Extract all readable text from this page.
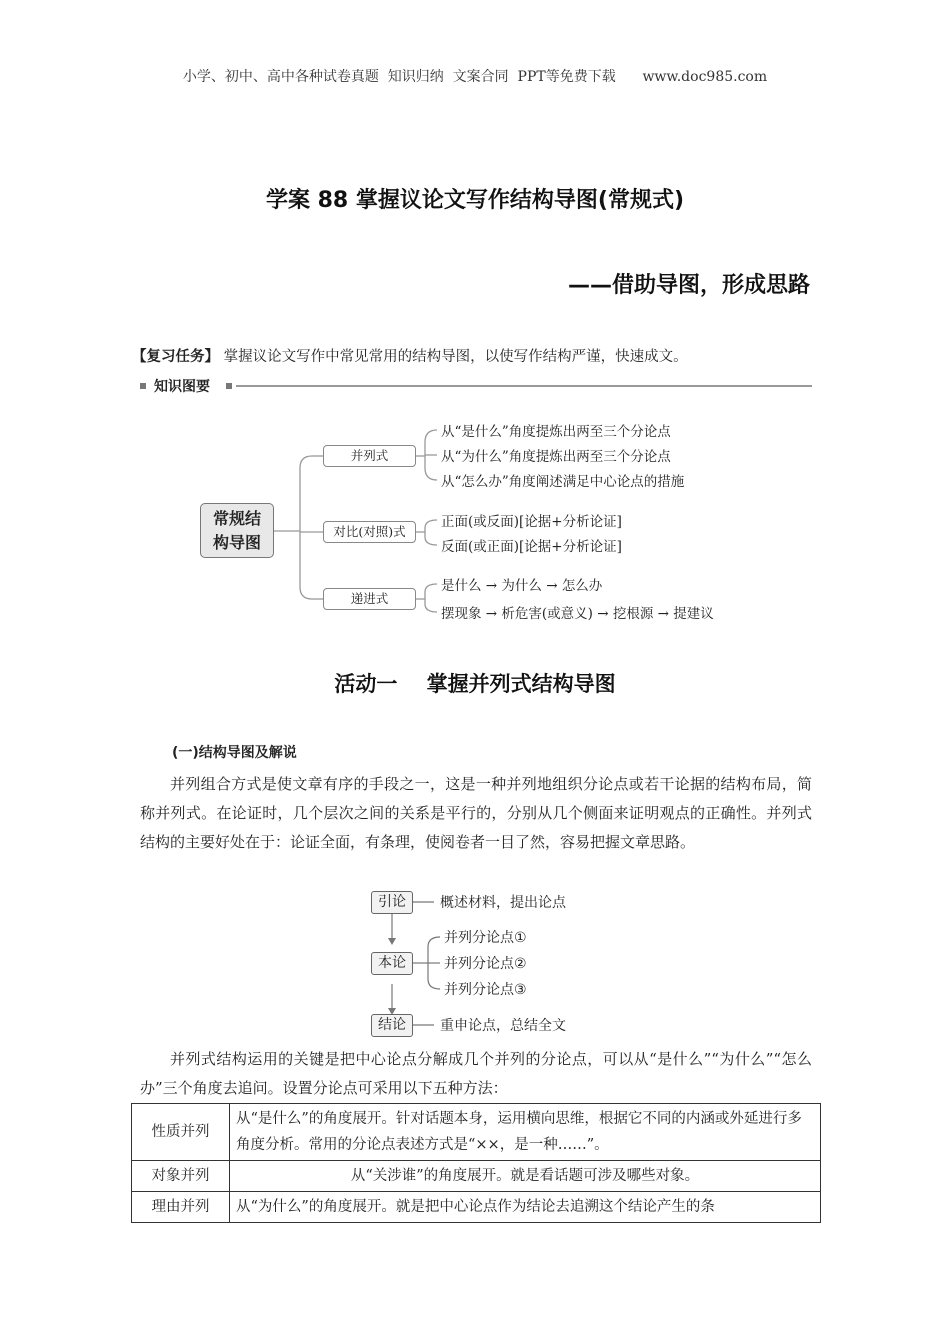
小学、初中、高中各种试卷真题  知识归纳  文案合同  PPT等免费下载      www.doc985.com
学案 88 掌握议论文写作结构导图(常规式)
——借助导图，形成思路
【复习任务】 掌握议论文写作中常见常用的结构导图，以使写作结构严谨，快速成文。
知识图要
常规结
构导图
并列式
对比(对照)式
递进式
从“是什么”角度提炼出两至三个分论点
从“为什么”角度提炼出两至三个分论点
从“怎么办”角度阐述满足中心论点的措施
正面(或反面)[论据+分析论证]
反面(或正面)[论据+分析论证]
是什么 → 为什么 → 怎么办
摆现象 → 析危害(或意义) → 挖根源 → 提建议
活动一    掌握并列式结构导图
(一)结构导图及解说
并列组合方式是使文章有序的手段之一，这是一种并列地组织分论点或若干论据的结构布局，简称并列式。在论证时，几个层次之间的关系是平行的，分别从几个侧面来证明观点的正确性。并列式结构的主要好处在于：论证全面，有条理，使阅卷者一目了然，容易把握文章思路。
引论	概述材料，提出论点
本论
并列分论点①
并列分论点②
并列分论点③
结论	重申论点，总结全文
并列式结构运用的关键是把中心论点分解成几个并列的分论点，可以从“是什么”“为什么”“怎么办”三个角度去追问。设置分论点可采用以下五种方法：
性质并列	从“是什么”的角度展开。针对话题本身，运用横向思维，根据它不同的内涵或外延进行多角度分析。常用的分论点表述方式是“××，是一种……”。
对象并列	从“关涉谁”的角度展开。就是看话题可涉及哪些对象。
理由并列	从“为什么”的角度展开。就是把中心论点作为结论去追溯这个结论产生的条
